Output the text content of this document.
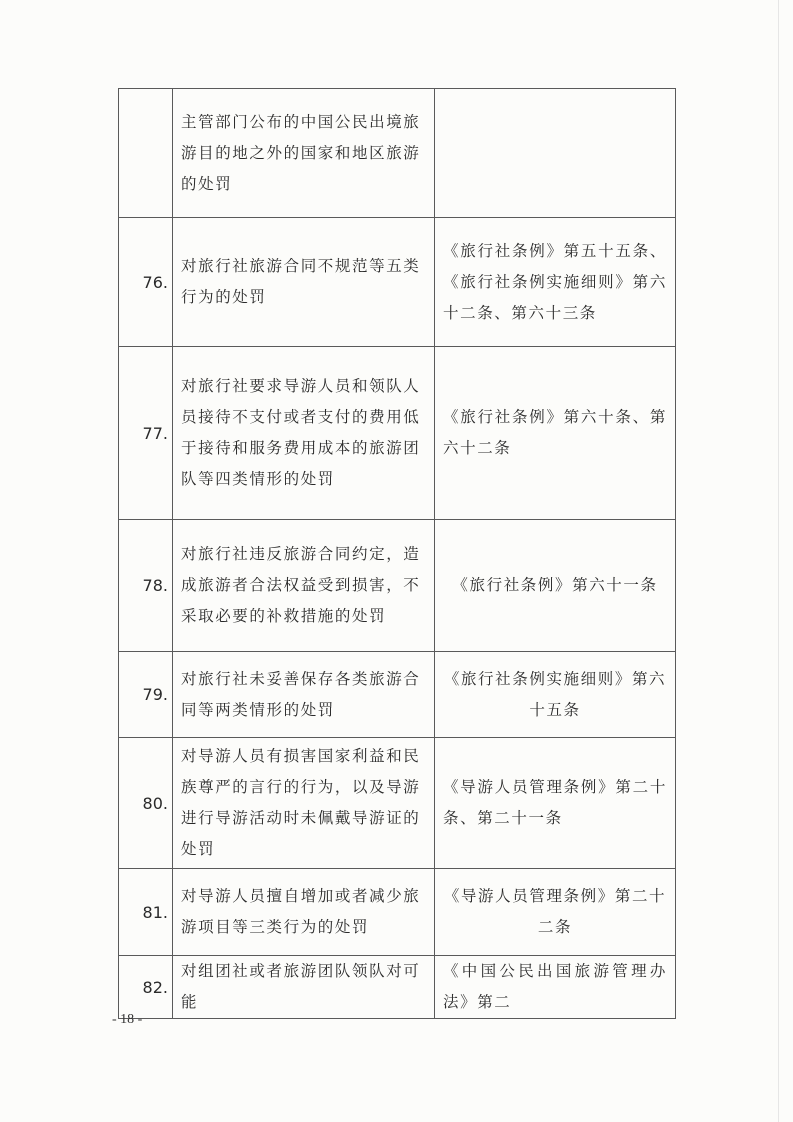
	主管部门公布的中国公民出境旅游目的地之外的国家和地区旅游的处罚	
76.	对旅行社旅游合同不规范等五类行为的处罚	《旅行社条例》第五十五条、《旅行社条例实施细则》第六十二条、第六十三条
77.	对旅行社要求导游人员和领队人员接待不支付或者支付的费用低于接待和服务费用成本的旅游团队等四类情形的处罚	《旅行社条例》第六十条、第六十二条
78.	对旅行社违反旅游合同约定，造成旅游者合法权益受到损害，不采取必要的补救措施的处罚	《旅行社条例》第六十一条
79.	对旅行社未妥善保存各类旅游合同等两类情形的处罚	《旅行社条例实施细则》第六十五条
80.	对导游人员有损害国家利益和民族尊严的言行的行为，以及导游进行导游活动时未佩戴导游证的处罚	《导游人员管理条例》第二十条、第二十一条
81.	对导游人员擅自增加或者减少旅游项目等三类行为的处罚	《导游人员管理条例》第二十二条
82.	对组团社或者旅游团队领队对可能	《中国公民出国旅游管理办法》第二
- 18 -
